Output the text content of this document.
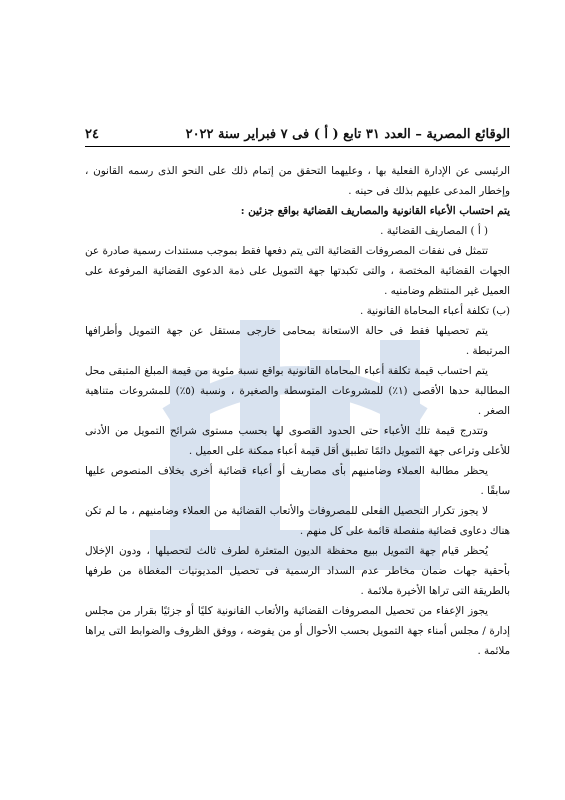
الوقائع المصرية – العدد ٣١ تابع ( أ ) فى ٧ فبراير سنة ٢٠٢٢
٢٤

الرئيسى عن الإدارة الفعلية بها ، وعليهما التحقق من إتمام ذلك على النحو الذى رسمه القانون ، وإخطار المدعى عليهم بذلك فى حينه .

يتم احتساب الأعباء القانونية والمصاريف القضائية بواقع جزئين :

( أ ) المصاريف القضائية .

تتمثل فى نفقات المصروفات القضائية التى يتم دفعها فقط بموجب مستندات رسمية صادرة عن الجهات القضائية المختصة ، والتى تكبدتها جهة التمويل على ذمة الدعوى القضائية المرفوعة على العميل غير المنتظم وضامنيه .

(ب) تكلفة أعباء المحاماة القانونية .

يتم تحصيلها فقط فى حالة الاستعانة بمحامى خارجى مستقل عن جهة التمويل وأطرافها المرتبطة .

يتم احتساب قيمة تكلفة أعباء المحاماة القانونية بواقع نسبة مئوية من قيمة المبلغ المتبقى محل المطالبة حدها الأقصى (١٪) للمشروعات المتوسطة والصغيرة ، ونسبة (٥٪) للمشروعات متناهية الصغر .

وتتدرج قيمة تلك الأعباء حتى الحدود القصوى لها بحسب مستوى شرائح التمويل من الأدنى للأعلى وتراعى جهة التمويل دائمًا تطبيق أقل قيمة أعباء ممكنة على العميل .

يحظر مطالبة العملاء وضامنيهم بأى مصاريف أو أعباء قضائية أخرى بخلاف المنصوص عليها سابقًا .

لا يجوز تكرار التحصيل الفعلى للمصروفات والأتعاب القضائية من العملاء وضامنيهم ، ما لم تكن هناك دعاوى قضائية منفصلة قائمة على كل منهم .

يُحظر قيام جهة التمويل ببيع محفظة الديون المتعثرة لطرف ثالث لتحصيلها ، ودون الإخلال بأحقية جهات ضمان مخاطر عدم السداد الرسمية فى تحصيل المديونيات المغطاة من طرفها بالطريقة التى تراها الأخيرة ملائمة .

يجوز الإعفاء من تحصيل المصروفات القضائية والأتعاب القانونية كليًا أو جزئيًا بقرار من مجلس إدارة / مجلس أمناء جهة التمويل بحسب الأحوال أو من يفوضه ، ووفق الظروف والضوابط التى يراها ملائمة .
